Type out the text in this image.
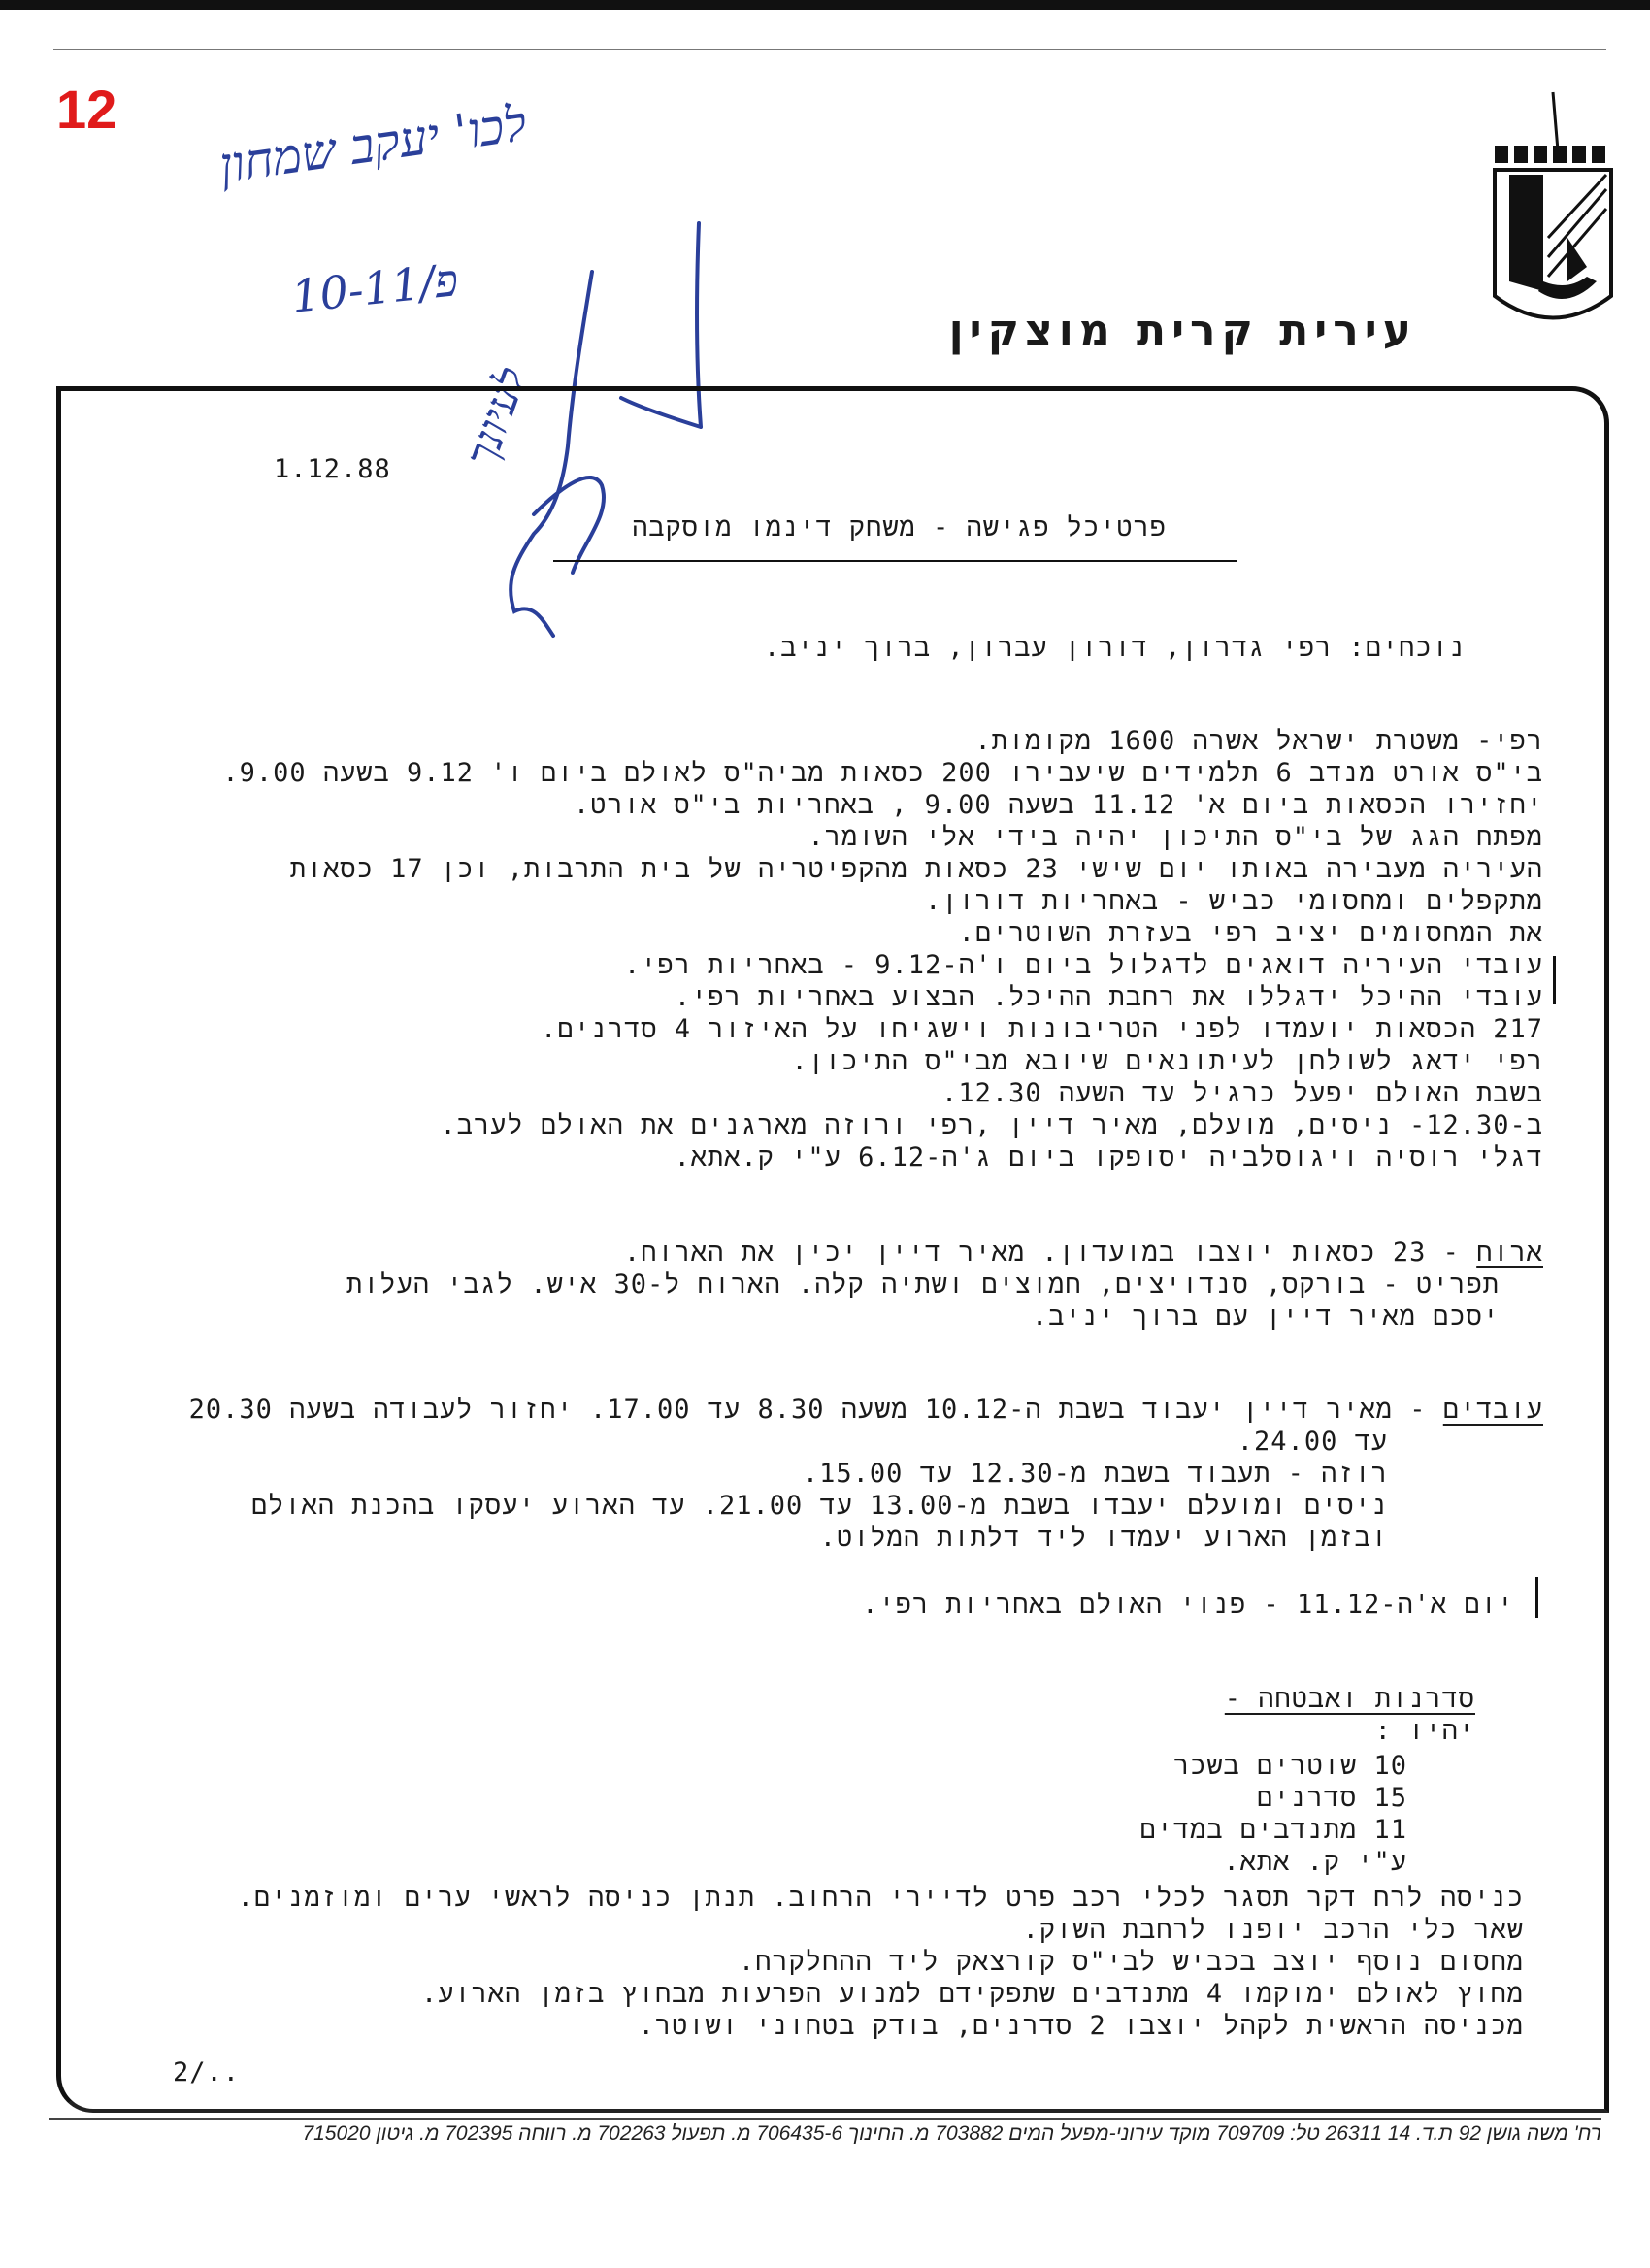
12 לכו' יעקב שמחון
10-11/פ
לעיונך
עירית קרית מוצקין
1.12.88
פרטיכל פגישה - משחק דינמו מוסקבה
נוכחים: רפי גדרון, דורון עברון, ברוך יניב.
רפי- משטרת ישראל אשרה 1600 מקומות.
בי"ס אורט מנדב 6 תלמידים שיעבירו 200 כסאות מביה"ס לאולם ביום ו' 9.12 בשעה 9.00.
יחזירו הכסאות ביום א' 11.12 בשעה 9.00 , באחריות בי"ס אורט.
מפתח הגג של בי"ס התיכון יהיה בידי אלי השומר.
העיריה מעבירה באותו יום שישי 23 כסאות מהקפיטריה של בית התרבות, וכן 17 כסאות
מתקפלים ומחסומי כביש - באחריות דורון.
את המחסומים יציב רפי בעזרת השוטרים.
עובדי העיריה דואגים לדגלול ביום ו'ה-9.12 - באחריות רפי.
עובדי ההיכל ידגללו את רחבת ההיכל. הבצוע באחריות רפי.
217 הכסאות יועמדו לפני הטריבונות וישגיחו על האיזור 4 סדרנים.
רפי ידאג לשולחן לעיתונאים שיובא מבי"ס התיכון.
בשבת האולם יפעל כרגיל עד השעה 12.30.
ב-12.30- ניסים, מועלם, מאיר דיין ,רפי ורוזה מארגנים את האולם לערב.
דגלי רוסיה ויגוסלביה יסופקו ביום ג'ה-6.12 ע"י ק.אתא.
ארוח - 23 כסאות יוצבו במועדון. מאיר דיין יכין את הארוח.
תפריט - בורקס, סנדויצים, חמוצים ושתיה קלה. הארוח ל-30 איש. לגבי העלות
יסכם מאיר דיין עם ברוך יניב.
עובדים - מאיר דיין יעבוד בשבת ה-10.12 משעה 8.30 עד 17.00. יחזור לעבודה בשעה 20.30
עד 24.00.
רוזה - תעבוד בשבת מ-12.30 עד 15.00.
ניסים ומועלם יעבדו בשבת מ-13.00 עד 21.00. עד הארוע יעסקו בהכנת האולם
ובזמן הארוע יעמדו ליד דלתות המלוט.
יום א'ה-11.12 - פנוי האולם באחריות רפי.
סדרנות ואבטחה -
יהיו :
10 שוטרים בשכר
15 סדרנים
11 מתנדבים במדים
ע"י ק. אתא.
כניסה לרח דקר תסגר לכלי רכב פרט לדיירי הרחוב. תנתן כניסה לראשי ערים ומוזמנים.
שאר כלי הרכב יופנו לרחבת השוק.
מחסום נוסף יוצב בכביש לבי"ס קורצאק ליד ההחלקרח.
מחוץ לאולם ימוקמו 4 מתנדבים שתפקידם למנוע הפרעות מבחוץ בזמן הארוע.
מכניסה הראשית לקהל יוצבו 2 סדרנים, בודק בטחוני ושוטר.
2/..
רח' משה גושן 92 ת.ד. 14 26311 טל: 709709 מוקד עירוני-מפעל המים 703882 מ. החינוך 706435-6 מ. תפעול 702263 מ. רווחה 702395 מ. גיטון 715020
